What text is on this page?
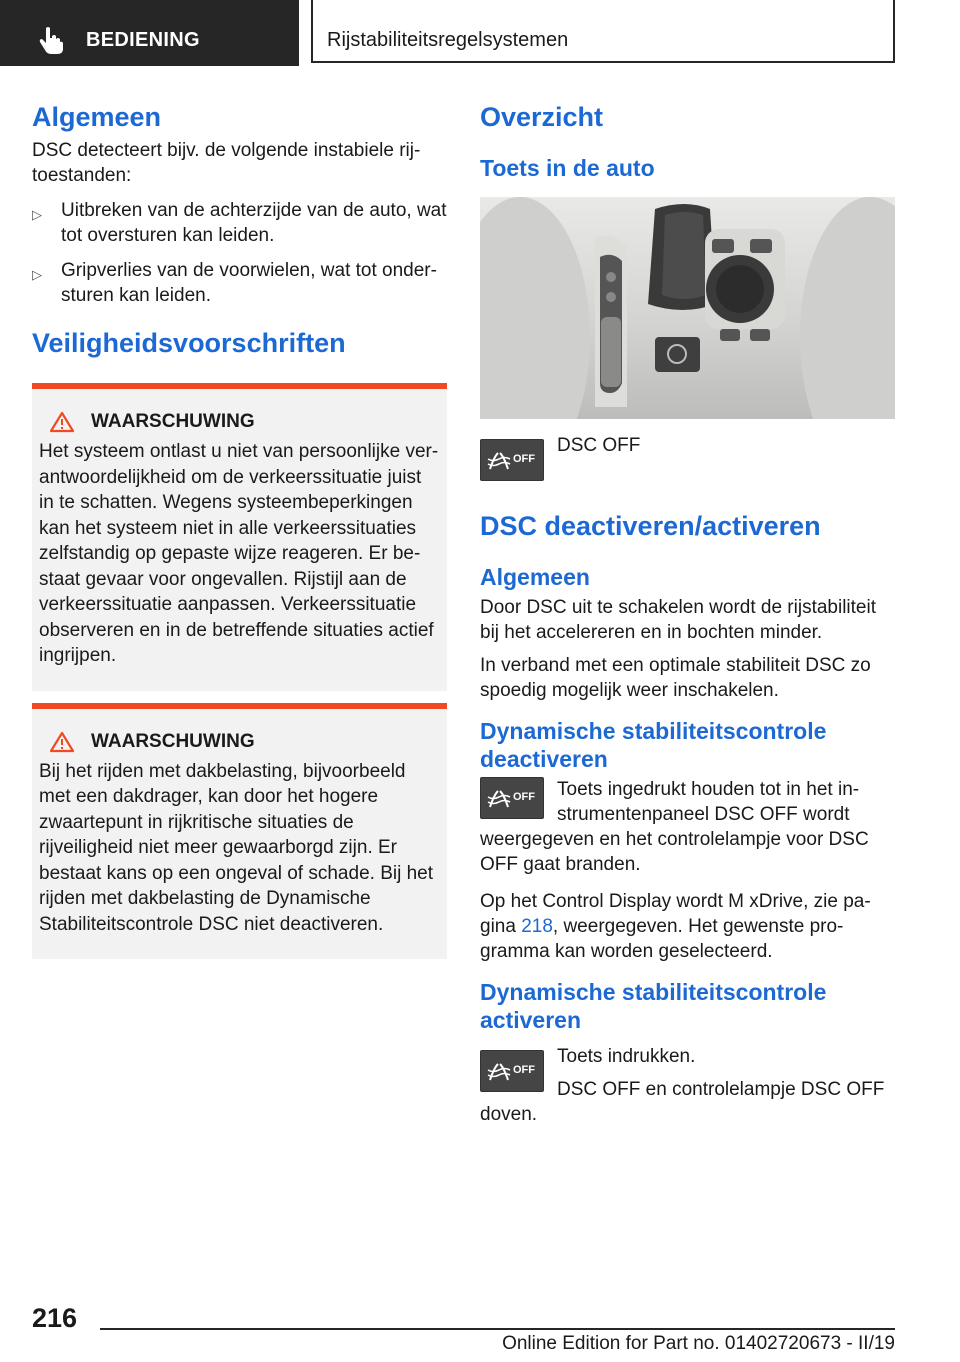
BEDIENING	Rijstabiliteitsregelsystemen
Algemeen

DSC detecteert bijv. de volgende instabiele rijtoestanden:

▷	Uitbreken van de achterzijde van de auto, wat tot oversturen kan leiden.
▷	Gripverlies van de voorwielen, wat tot ondersturen kan leiden.
Veiligheidsvoorschriften
WAARSCHUWING

Het systeem ontlast u niet van persoonlijke verantwoordelijkheid om de verkeerssituatie juist in te schatten. Wegens systeembeperkingen kan het systeem niet in alle verkeerssituaties zelfstandig op gepaste wijze reageren. Er bestaat gevaar voor ongevallen. Rijstijl aan de verkeerssituatie aanpassen. Verkeerssituatie observeren en in de betreffende situaties actief ingrijpen.

WAARSCHUWING

Bij het rijden met dakbelasting, bijvoorbeeld met een dakdrager, kan door het hogere zwaartepunt in rijkritische situaties de rijveiligheid niet meer gewaarborgd zijn. Er bestaat kans op een ongeval of schade. Bij het rijden met dakbelasting de Dynamische Stabiliteitscontrole DSC niet deactiveren.

Overzicht
Toets in de auto
OFF

DSC OFF

DSC deactiveren/activeren
Algemeen

Door DSC uit te schakelen wordt de rijstabiliteit bij het accelereren en in bochten minder.

In verband met een optimale stabiliteit DSC zo spoedig mogelijk weer inschakelen.

Dynamische stabiliteitscontrole deactiveren
OFF	Toets ingedrukt houden tot in het instrumentenpaneel DSC OFF wordt weergegeven en het controlelampje voor DSC OFF gaat branden.

Op het Control Display wordt M xDrive, zie pagina 218, weergegeven. Het gewenste programma kan worden geselecteerd.

Dynamische stabiliteitscontrole activeren
OFF

Toets indrukken.

DSC OFF en controlelampje DSC OFF doven.

216
Online Edition for Part no. 01402720673 - II/19
